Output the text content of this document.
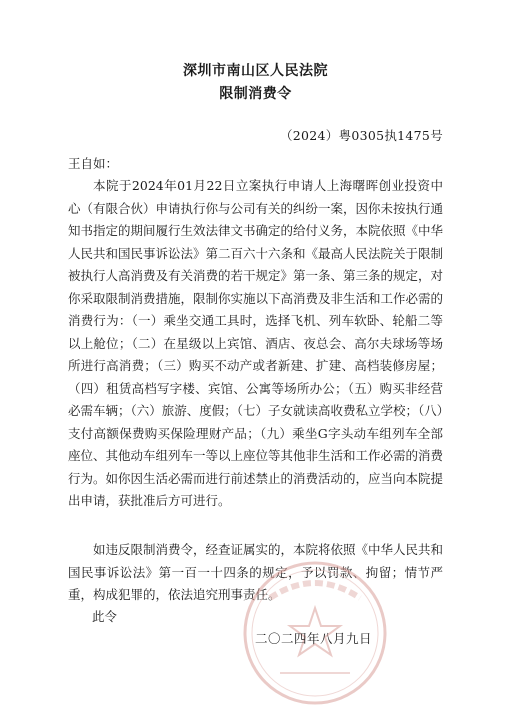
深圳市南山区人民法院
限制消费令
（2024）粤0305执1475号
王自如：

本院于2024年01月22日立案执行申请人上海曙晖创业投资中心（有限合伙）申请执行你与公司有关的纠纷一案，因你未按执行通知书指定的期间履行生效法律文书确定的给付义务，本院依照《中华人民共和国民事诉讼法》第二百六十六条和《最高人民法院关于限制被执行人高消费及有关消费的若干规定》第一条、第三条的规定，对你采取限制消费措施，限制你实施以下高消费及非生活和工作必需的消费行为：（一）乘坐交通工具时，选择飞机、列车软卧、轮船二等以上舱位；（二）在星级以上宾馆、酒店、夜总会、高尔夫球场等场所进行高消费；（三）购买不动产或者新建、扩建、高档装修房屋；（四）租赁高档写字楼、宾馆、公寓等场所办公；（五）购买非经营必需车辆；（六）旅游、度假；（七）子女就读高收费私立学校；（八）支付高额保费购买保险理财产品；（九）乘坐G字头动车组列车全部座位、其他动车组列车一等以上座位等其他非生活和工作必需的消费行为。如你因生活必需而进行前述禁止的消费活动的，应当向本院提出申请，获批准后方可进行。

如违反限制消费令，经查证属实的，本院将依照《中华人民共和国民事诉讼法》第一百一十四条的规定，予以罚款、拘留；情节严重，构成犯罪的，依法追究刑事责任。

此令
二〇二四年八月九日
